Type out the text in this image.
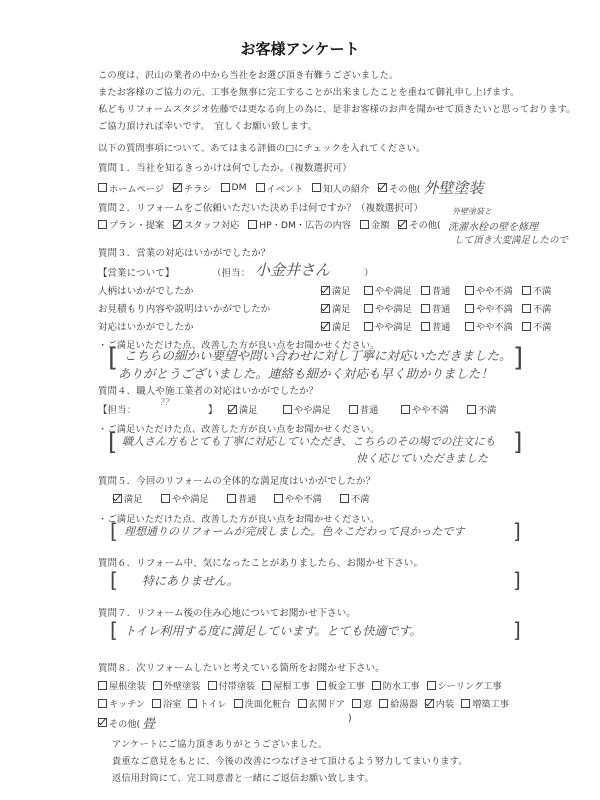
お客様アンケート
この度は、沢山の業者の中から当社をお選び頂き有難うございました。
またお客様のご協力の元、工事を無事に完工することが出来ましたことを重ねて御礼申し上げます。
私どもリフォームスタジオ佐藤では更なる向上の為に、是非お客様のお声を聞かせて頂きたいと思っております。
ご協力頂ければ幸いです。　宜しくお願い致します。
以下の質問事項について、あてはまる評価の□にチェックを入れてください。
質問１．当社を知るきっかけは何でしたか。（複数選択可）
ホームページ チラシ DM イベント 知人の紹介 その他( 外壁塗装
質問２．リフォームをご依頼いただいた決め手は何ですか？（複数選択可）
プラン・提案 スタッフ対応 HP・DM・広告の内容 金額 その他(
外壁塗装と
洗濯水栓の壁を修理
して頂き大変満足したので
質問３．営業の対応はいかがでしたか？
【営業について】	（担当： 小金井さん	）
人柄はいかがでしたか	満足	やや満足 普通	やや不満 不満
お見積もり内容や説明はいかがでしたか	満足	やや満足 普通	やや不満 不満
対応はいかがでしたか	満足	やや満足 普通	やや不満 不満
・ご満足いただけた点、改善した方が良い点をお聞かせください。
[ こちらの細かい要望や問い合わせに対し丁寧に対応いただきました。
ありがとうございました。連絡も細かく対応も早く助かりました！
]
質問４．職人や施工業者の対応はいかがでしたか？
【担当：
??
】 満足	やや満足	普通	やや不満	不満
・ご満足いただけた点、改善した方が良い点をお聞かせください。
[ 職人さん方もとても丁寧に対応していただき、こちらのその場での注文にも
快く応じていただきました
]
質問５．今回のリフォームの全体的な満足度はいかがでしたか？
満足	やや満足	普通	やや不満	不満
・ご満足いただけた点、改善した方が良い点をお聞かせください。
[ 理想通りのリフォームが完成しました。色々こだわって良かったです ]
質問６．リフォーム中、気になったことがありましたら、お聞かせ下さい。
[ 特にありません。	]
質問７．リフォーム後の住み心地についてお聞かせ下さい。
[ トイレ利用する度に満足しています。とても快適です。	]
質問８．次リフォームしたいと考えている箇所をお聞かせ下さい。
屋根塗装 外壁塗装 付帯塗装 屋根工事 板金工事 防水工事 シーリング工事
キッチン 浴室 トイレ 洗面化粧台 玄関ドア 窓 給湯器 内装 増築工事
その他( 畳	)
アンケートにご協力頂きありがとうございました。
貴重なご意見をもとに、今後の改善につなげさせて頂けるよう努力してまいります。
返信用封筒にて、完工同意書と一緒にご返信お願い致します。
